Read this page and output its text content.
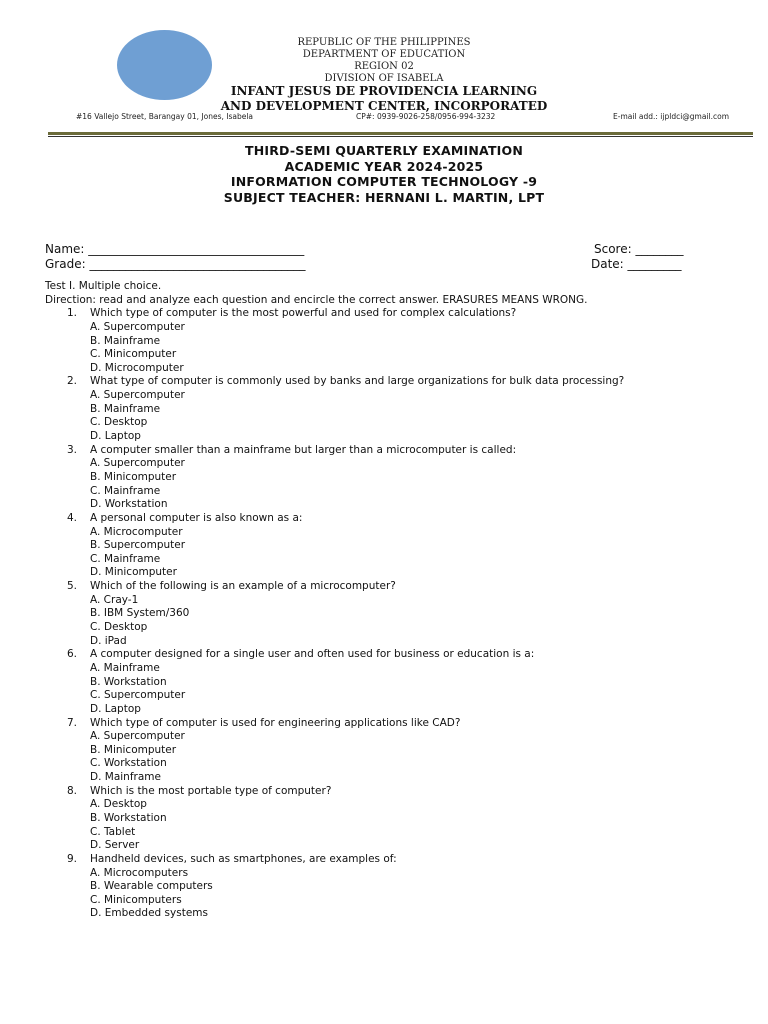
REPUBLIC OF THE PHILIPPINES
DEPARTMENT OF EDUCATION
REGION 02
DIVISION OF ISABELA
INFANT JESUS DE PROVIDENCIA LEARNING
AND DEVELOPMENT CENTER, INCORPORATED
#16 Vallejo Street, Barangay 01, Jones, Isabela	CP#: 0939-9026-258/0956-994-3232	E-mail add.: ijpldci@gmail.com
THIRD-SEMI QUARTERLY EXAMINATION
ACADEMIC YEAR 2024-2025
INFORMATION COMPUTER TECHNOLOGY -9
SUBJECT TEACHER: HERNANI L. MARTIN, LPT
Name: ____________________________________
Grade: ____________________________________
Score: ________
Date: _________
Test I. Multiple choice.
Direction: read and analyze each question and encircle the correct answer. ERASURES MEANS WRONG.
1. Which type of computer is the most powerful and used for complex calculations?
A. Supercomputer
B. Mainframe
C. Minicomputer
D. Microcomputer
2. What type of computer is commonly used by banks and large organizations for bulk data processing?
A. Supercomputer
B. Mainframe
C. Desktop
D. Laptop
3. A computer smaller than a mainframe but larger than a microcomputer is called:
A. Supercomputer
B. Minicomputer
C. Mainframe
D. Workstation
4. A personal computer is also known as a:
A. Microcomputer
B. Supercomputer
C. Mainframe
D. Minicomputer
5. Which of the following is an example of a microcomputer?
A. Cray-1
B. IBM System/360
C. Desktop
D. iPad
6. A computer designed for a single user and often used for business or education is a:
A. Mainframe
B. Workstation
C. Supercomputer
D. Laptop
7. Which type of computer is used for engineering applications like CAD?
A. Supercomputer
B. Minicomputer
C. Workstation
D. Mainframe
8. Which is the most portable type of computer?
A. Desktop
B. Workstation
C. Tablet
D. Server
9. Handheld devices, such as smartphones, are examples of:
A. Microcomputers
B. Wearable computers
C. Minicomputers
D. Embedded systems
